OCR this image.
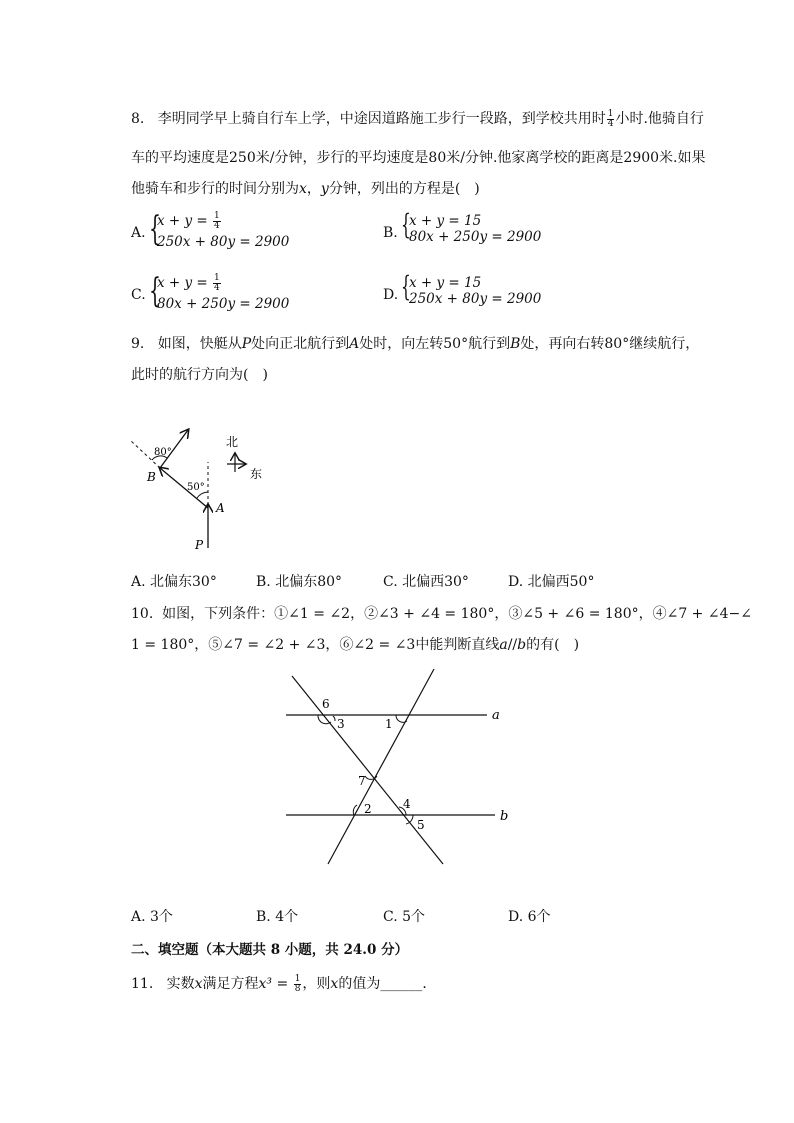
8. 李明同学早上骑自行车上学，中途因道路施工步行一段路，到学校共用时 $\frac{1}{4}$ 小时.他骑自行
车的平均速度是250米/分钟，步行的平均速度是80米/分钟.他家离学校的距离是2900米.如果
他骑车和步行的时间分别为x，y分钟，列出的方程是(　)
A. {
$x + y = \frac{1}{4}$
250x + 80y = 2900
B. {
x + y = 15
80x + 250y = 2900
C. {
$x + y = \frac{1}{4}$
80x + 250y = 2900
D. {
x + y = 15
250x + 80y = 2900
9. 如图，快艇从P处向正北航行到A处时，向左转50°航行到B处，再向右转80°继续航行，
此时的航行方向为(　)
80°
50°
B
A
P
北
东
A. 北偏东30°	B. 北偏东80°	C. 北偏西30°	D. 北偏西50°
10. 如图，下列条件：①∠1 = ∠2，②∠3 + ∠4 = 180°，③∠5 + ∠6 = 180°，④∠7 + ∠4−∠
1 = 180°，⑤∠7 = ∠2 + ∠3，⑥∠2 = ∠3中能判断直线a//b的有(　)
6
3	1
7
2	4
5
a
b
A. 3个	B. 4个	C. 5个	D. 6个
二、填空题（本大题共 8 小题，共 24.0 分）
11. 实数x满足方程$x^3 = \frac{1}{8}$ ，则x的值为______．
